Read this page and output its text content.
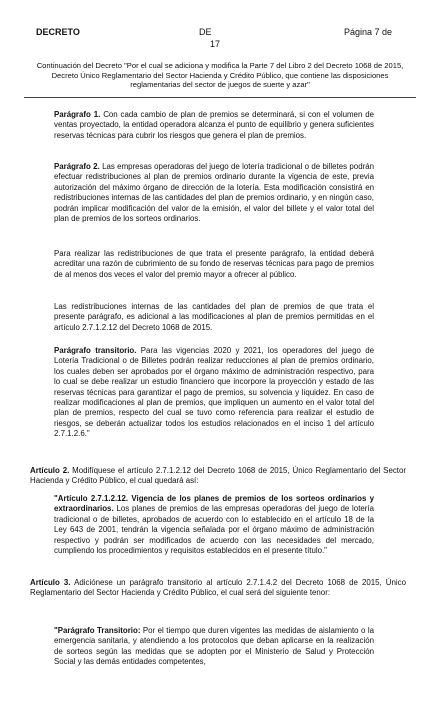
DECRETO	DE	Página 7 de
17
Continuación del Decreto "Por el cual se adiciona y modifica la Parte 7 del Libro 2 del Decreto 1068 de 2015, Decreto Único Reglamentario del Sector Hacienda y Crédito Público, que contiene las disposiciones reglamentarias del sector de juegos de suerte y azar"

Parágrafo 1. Con cada cambio de plan de premios se determinará, si con el volumen de ventas proyectado, la entidad operadora alcanza el punto de equilibrio y genera suficientes reservas técnicas para cubrir los riesgos que genera el plan de premios.

Parágrafo 2. Las empresas operadoras del juego de lotería tradicional o de billetes podrán efectuar redistribuciones al plan de premios ordinario durante la vigencia de este, previa autorización del máximo órgano de dirección de la lotería. Esta modificación consistirá en redistribuciones internas de las cantidades del plan de premios ordinario, y en ningún caso, podrán implicar modificación del valor de la emisión, el valor del billete y el valor total del plan de premios de los sorteos ordinarios.

Para realizar las redistribuciones de que trata el presente parágrafo, la entidad deberá acreditar una razón de cubrimiento de su fondo de reservas técnicas para pago de premios de al menos dos veces el valor del premio mayor a ofrecer al público.

Las redistribuciones internas de las cantidades del plan de premios de que trata el presente parágrafo, es adicional a las modificaciones al plan de premios permitidas en el artículo 2.7.1.2.12 del Decreto 1068 de 2015.

Parágrafo transitorio. Para las vigencias 2020 y 2021, los operadores del juego de Lotería Tradicional o de Billetes podrán realizar reducciones al plan de premios ordinario, los cuales deben ser aprobados por el órgano máximo de administración respectivo, para lo cual se debe realizar un estudio financiero que incorpore la proyección y estado de las reservas técnicas para garantizar el pago de premios, su solvencia y liquidez. En caso de realizar modificaciones al plan de premios, que impliquen un aumento en el valor total del plan de premios, respecto del cual se tuvo como referencia para realizar el estudio de riesgos, se deberán actualizar todos los estudios relacionados en el inciso 1 del artículo 2.7.1.2.6."

Artículo 2. Modifíquese el artículo 2.7.1.2.12 del Decreto 1068 de 2015, Único Reglamentario del Sector Hacienda y Crédito Público, el cual quedará así:

"Artículo 2.7.1.2.12. Vigencia de los planes de premios de los sorteos ordinarios y extraordinarios. Los planes de premios de las empresas operadoras del juego de lotería tradicional o de billetes, aprobados de acuerdo con lo establecido en el artículo 18 de la Ley 643 de 2001, tendrán la vigencia señalada por el órgano máximo de administración respectivo y podrán ser modificados de acuerdo con las necesidades del mercado, cumpliendo los procedimientos y requisitos establecidos en el presente título."

Artículo 3. Adiciónese un parágrafo transitorio al artículo 2.7.1.4.2 del Decreto 1068 de 2015, Único Reglamentario del Sector Hacienda y Crédito Público, el cual será del siguiente tenor:

"Parágrafo Transitorio: Por el tiempo que duren vigentes las medidas de aislamiento o la emergencia sanitaria, y atendiendo a los protocolos que deban aplicarse en la realización de sorteos según las medidas que se adopten por el Ministerio de Salud y Protección Social y las demás entidades competentes,
